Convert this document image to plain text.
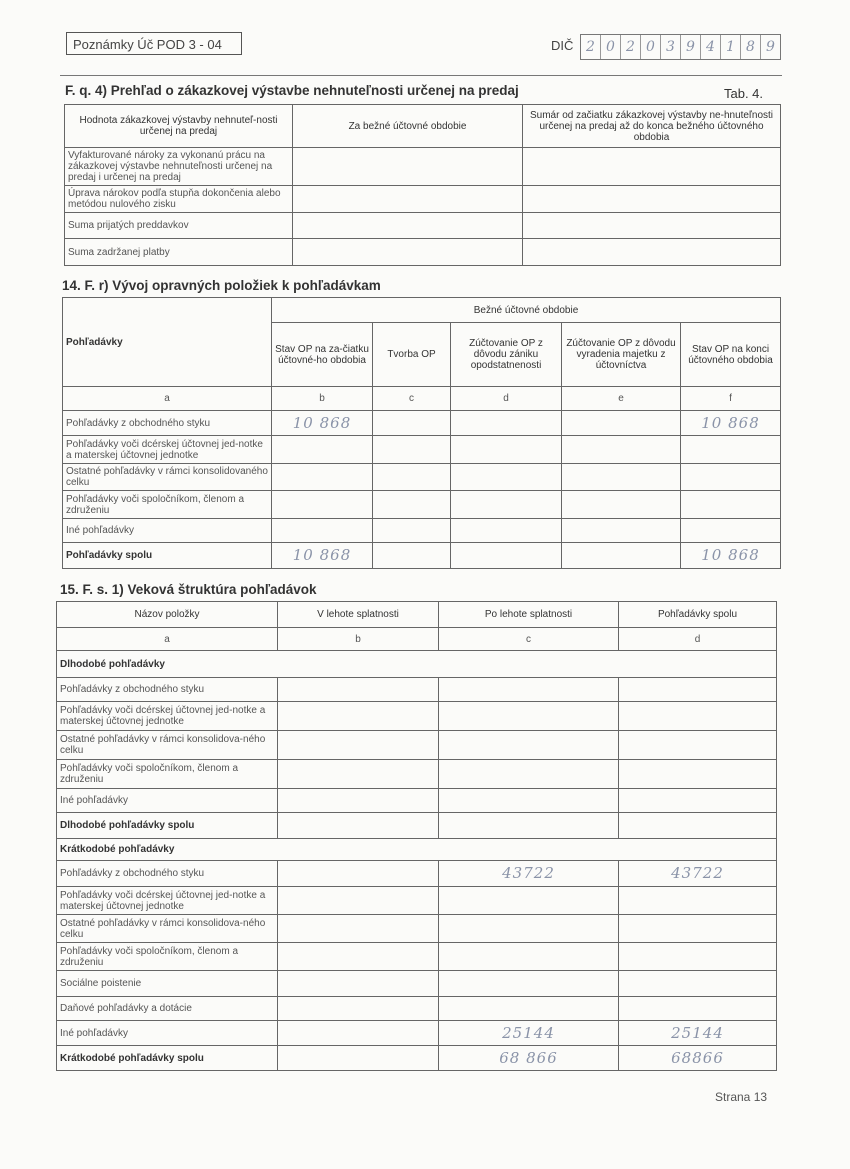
Poznámky Úč POD 3 - 04	DIČ 2 0 2 0 3 9 4 1 8 9
F. q. 4) Prehľad o zákazkovej výstavbe nehnuteľnosti určenej na predaj	Tab. 4.
Hodnota zákazkovej výstavby nehnuteľ-nosti určenej na predaj	Za bežné účtovné obdobie	Sumár od začiatku zákazkovej výstavby ne-hnuteľnosti určenej na predaj až do konca bežného účtovného obdobia
Vyfakturované nároky za vykonanú prácu na zákazkovej výstavbe nehnuteľnosti určenej na predaj i určenej na predaj		
Úprava nárokov podľa stupňa dokončenia alebo metódou nulového zisku		
Suma prijatých preddavkov		
Suma zadržanej platby		
14. F. r) Vývoj opravných položiek k pohľadávkam
Pohľadávky	Bežné účtovné obdobie				
	Stav OP na za-čiatku účtovné-ho obdobia	Tvorba OP	Zúčtovanie OP z dôvodu zániku opodstatnenosti	Zúčtovanie OP z dôvodu vyradenia majetku z účtovníctva	Stav OP na konci účtovného obdobia
a	b	c	d	e	f
Pohľadávky z obchodného styku	10 868				10 868
Pohľadávky voči dcérskej účtovnej jed-notke a materskej účtovnej jednotke					
Ostatné pohľadávky v rámci konsolidovaného celku					
Pohľadávky voči spoločníkom, členom a združeniu					
Iné pohľadávky					
Pohľadávky spolu	10 868				10 868
15. F. s. 1) Veková štruktúra pohľadávok
Názov položky	V lehote splatnosti	Po lehote splatnosti	Pohľadávky spolu
a	b	c	d
Dlhodobé pohľadávky			
Pohľadávky z obchodného styku			
Pohľadávky voči dcérskej účtovnej jed-notke a materskej účtovnej jednotke			
Ostatné pohľadávky v rámci konsolidova-ného celku			
Pohľadávky voči spoločníkom, členom a združeniu			
Iné pohľadávky			
Dlhodobé pohľadávky spolu			
Krátkodobé pohľadávky			
Pohľadávky z obchodného styku		43722	43722
Pohľadávky voči dcérskej účtovnej jed-notke a materskej účtovnej jednotke			
Ostatné pohľadávky v rámci konsolidova-ného celku			
Pohľadávky voči spoločníkom, členom a združeniu			
Sociálne poistenie			
Daňové pohľadávky a dotácie			
Iné pohľadávky		25144	25144
Krátkodobé pohľadávky spolu		68 866	68866
Strana 13
